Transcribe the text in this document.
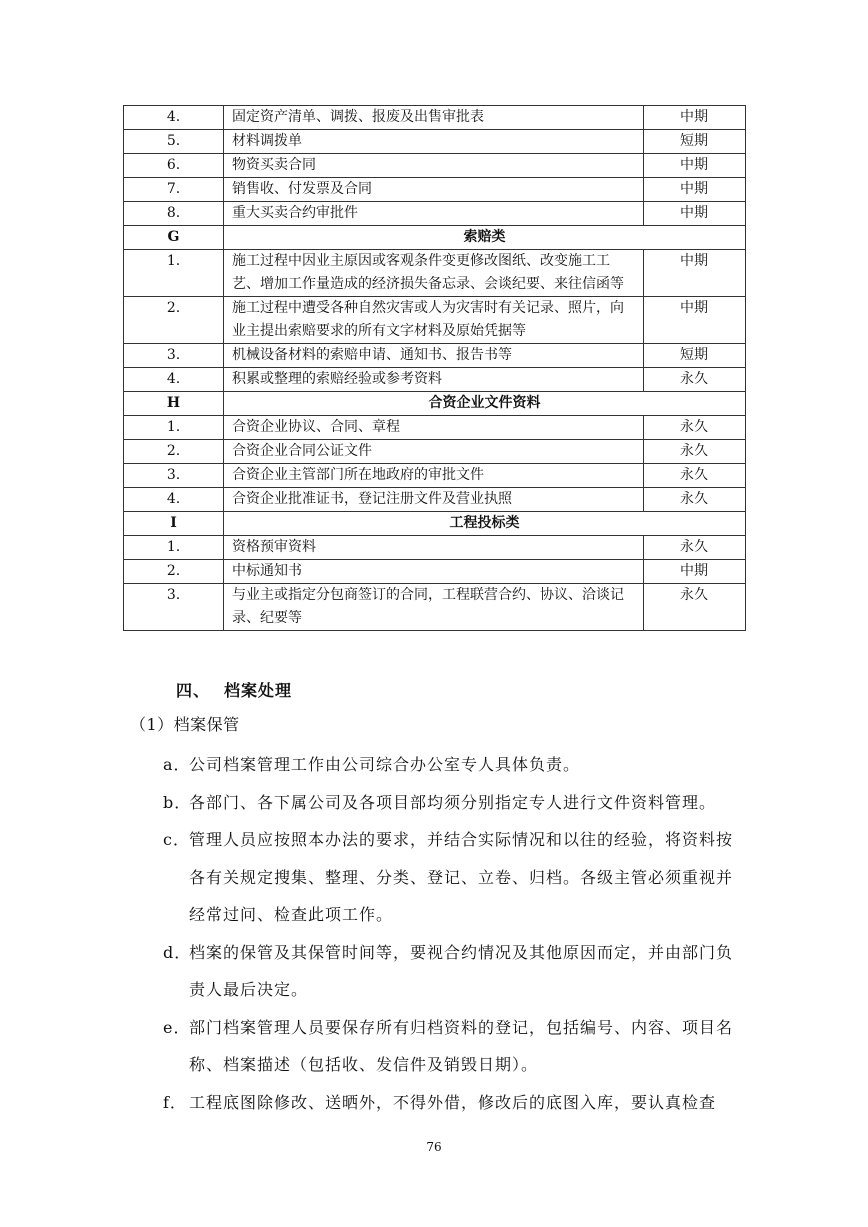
4.	固定资产清单、调拨、报废及出售审批表	中期
5.	材料调拨单	短期
6.	物资买卖合同	中期
7.	销售收、付发票及合同	中期
8.	重大买卖合约审批件	中期
G	索赔类	
1.	施工过程中因业主原因或客观条件变更修改图纸、改变施工工艺、增加工作量造成的经济损失备忘录、会谈纪要、来往信函等	中期
2.	施工过程中遭受各种自然灾害或人为灾害时有关记录、照片，向业主提出索赔要求的所有文字材料及原始凭据等	中期
3.	机械设备材料的索赔申请、通知书、报告书等	短期
4.	积累或整理的索赔经验或参考资料	永久
H	合资企业文件资料	
1.	合资企业协议、合同、章程	永久
2.	合资企业合同公证文件	永久
3.	合资企业主管部门所在地政府的审批文件	永久
4.	合资企业批准证书，登记注册文件及营业执照	永久
I	工程投标类	
1.	资格预审资料	永久
2.	中标通知书	中期
3.	与业主或指定分包商签订的合同，工程联营合约、协议、洽谈记录、纪要等	永久
四、 档案处理
（1）档案保管
a．
公司档案管理工作由公司综合办公室专人具体负责。
b．
各部门、各下属公司及各项目部均须分别指定专人进行文件资料管理。
c． 管理人员应按照本办法的要求，并结合实际情况和以往的经验，将资料按各有关规定搜集、整理、分类、登记、立卷、归档。各级主管必须重视并经常过问、检查此项工作。
d．
档案的保管及其保管时间等，要视合约情况及其他原因而定，并由部门负责人最后决定。
e．
部门档案管理人员要保存所有归档资料的登记，包括编号、内容、项目名称、档案描述（包括收、发信件及销毁日期）。
f． 工程底图除修改、送晒外，不得外借，修改后的底图入库，要认真检查
76
